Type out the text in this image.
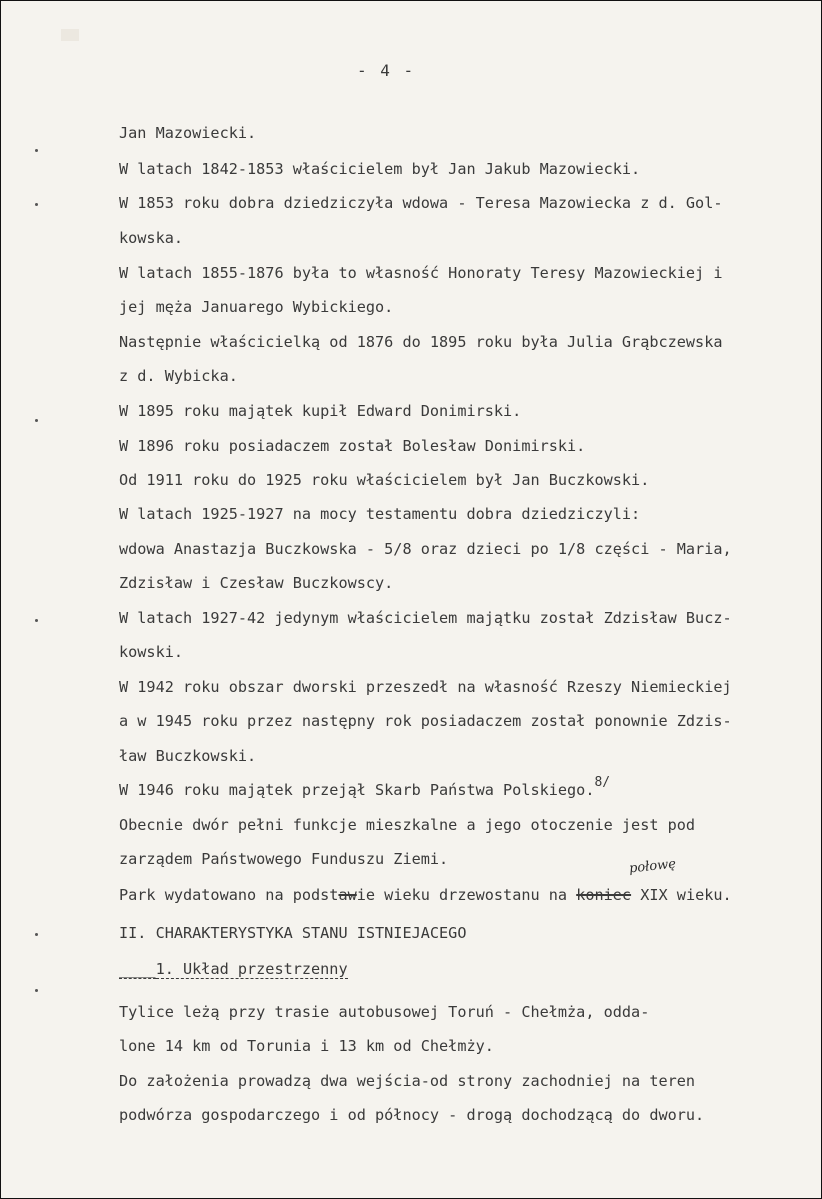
- 4 -
Jan Mazowiecki.
W latach 1842-1853 właścicielem był Jan Jakub Mazowiecki.
W 1853 roku dobra dziedziczyła wdowa - Teresa Mazowiecka z d. Gol-
kowska.
W latach 1855-1876 była to własność Honoraty Teresy Mazowieckiej i
jej męża Januarego Wybickiego.
Następnie właścicielką od 1876 do 1895 roku była Julia Grąbczewska
z d. Wybicka.
W 1895 roku majątek kupił Edward Donimirski.
W 1896 roku posiadaczem został Bolesław Donimirski.
Od 1911 roku do 1925 roku właścicielem był Jan Buczkowski.
W latach 1925-1927 na mocy testamentu dobra dziedziczyli:
wdowa Anastazja Buczkowska - 5/8 oraz dzieci po 1/8 części - Maria,
Zdzisław i Czesław Buczkowscy.
W latach 1927-42 jedynym właścicielem majątku został Zdzisław Bucz-
kowski.
W 1942 roku obszar dworski przeszedł na własność Rzeszy Niemieckiej
a w 1945 roku przez następny rok posiadaczem został ponownie Zdzis-
ław Buczkowski.
W 1946 roku majątek przejął Skarb Państwa Polskiego.8/
Obecnie dwór pełni funkcje mieszkalne a jego otoczenie jest pod
zarządem Państwowego Funduszu Ziemi.	połowę
Park wydatowano na podstawie wieku drzewostanu na koniec XIX wieku.
II. CHARAKTERYSTYKA STANU ISTNIEJACEGO
____1. Układ przestrzenny
Tylice leżą przy trasie autobusowej Toruń - Chełmża, odda-
lone 14 km od Torunia i 13 km od Chełmży.
Do założenia prowadzą dwa wejścia-od strony zachodniej na teren
podwórza gospodarczego i od północy - drogą dochodzącą do dworu.
